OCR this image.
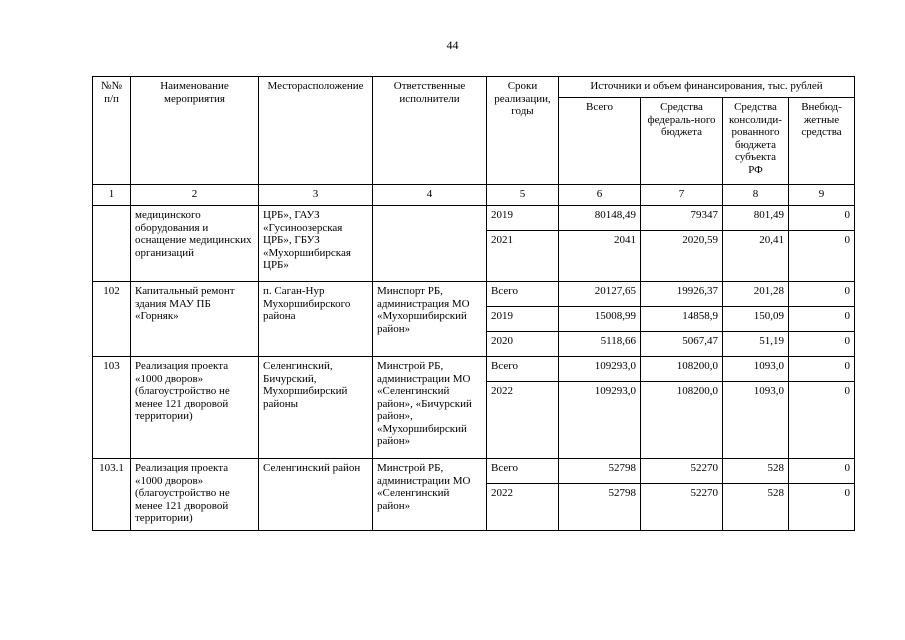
44
№№ п/п	Наименование мероприятия	Месторасположение	Ответственные исполнители	Сроки реализации, годы	Источники и объем финансирования, тыс. рублей			
					Всего	Средства федераль-ного бюджета	Средства консолиди-рованного бюджета субъекта РФ	Внебюд-жетные средства
1	2	3	4	5	6	7	8	9
	медицинского оборудования и оснащение медицинских организаций	ЦРБ», ГАУЗ «Гусиноозерская ЦРБ», ГБУЗ «Мухоршибирская ЦРБ»		2019	80148,49	79347	801,49	0
				2021	2041	2020,59	20,41	0
102	Капитальный ремонт здания МАУ ПБ «Горняк»	п. Саган-Нур Мухоршибирского района	Минспорт РБ, администрация МО «Мухоршибирский район»	Всего	20127,65	19926,37	201,28	0
				2019	15008,99	14858,9	150,09	0
				2020	5118,66	5067,47	51,19	0
103	Реализация проекта «1000 дворов» (благоустройство не менее 121 дворовой территории)	Селенгинский, Бичурский, Мухоршибирский районы	Минстрой РБ, администрации МО «Селенгинский район», «Бичурский район», «Мухоршибирский район»	Всего	109293,0	108200,0	1093,0	0
				2022	109293,0	108200,0	1093,0	0
103.1	Реализация проекта «1000 дворов» (благоустройство не менее 121 дворовой территории)	Селенгинский район	Минстрой РБ, администрации МО «Селенгинский район»	Всего	52798	52270	528	0
				2022	52798	52270	528	0
